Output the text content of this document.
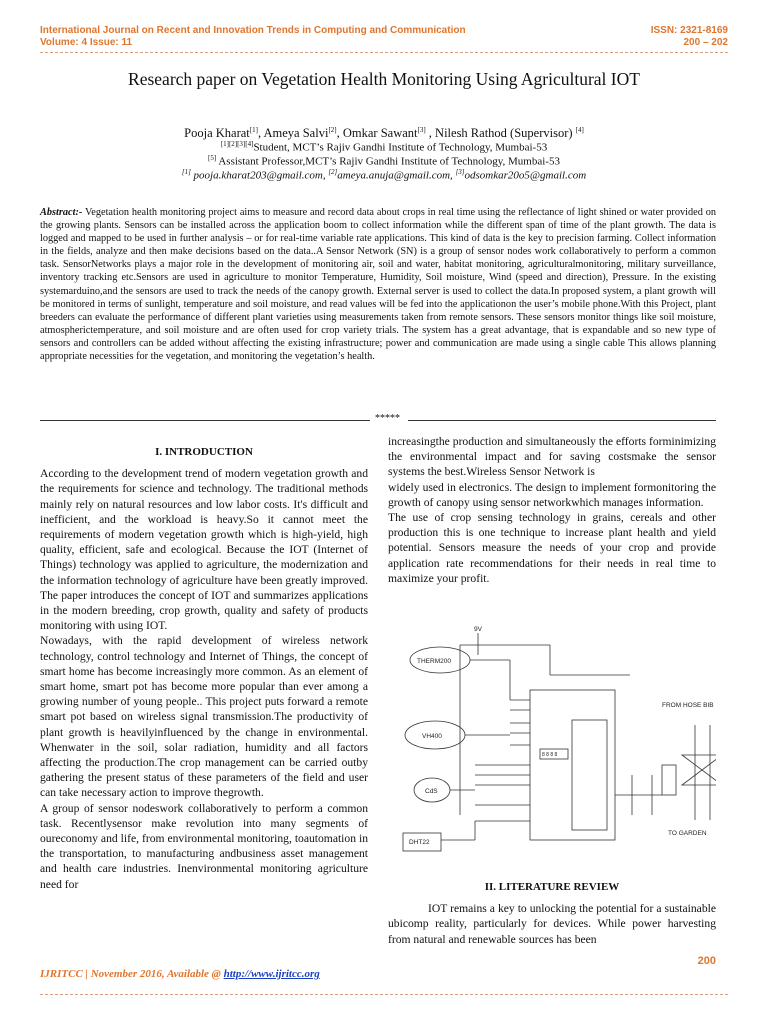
International Journal on Recent and Innovation Trends in Computing and Communication
Volume: 4 Issue: 11
ISSN: 2321-8169
200 – 202
Research paper on Vegetation Health Monitoring Using Agricultural IOT
Pooja Kharat[1], Ameya Salvi[2], Omkar Sawant[3] , Nilesh Rathod (Supervisor) [4]
[1][2][3][4]Student, MCT’s Rajiv Gandhi Institute of Technology, Mumbai-53
[5] Assistant Professor,MCT’s Rajiv Gandhi Institute of Technology, Mumbai-53
[1] pooja.kharat203@gmail.com, [2]ameya.anuja@gmail.com, [3]odsomkar20o5@gmail.com
Abstract:- Vegetation health monitoring project aims to measure and record data about crops in real time using the reflectance of light shined or water provided on the growing plants. Sensors can be installed across the application boom to collect information while the different span of time of the plant growth. The data is logged and mapped to be used in further analysis – or for real-time variable rate applications. This kind of data is the key to precision farming. Collect information in the fields, analyze and then make decisions based on the data..A Sensor Network (SN) is a group of sensor nodes work collaboratively to perform a common task. SensorNetworks plays a major role in the development of monitoring air, soil and water, habitat monitoring, agriculturalmonitoring, military surveillance, inventory tracking etc.Sensors are used in agriculture to monitor Temperature, Humidity, Soil moisture, Wind (speed and direction), Pressure. In the existing systemarduino,and the sensors are used to track the needs of the canopy growth. External server is used to collect the data.In proposed system, a plant growth will be monitored in terms of sunlight, temperature and soil moisture, and read values will be fed into the applicationon the user’s mobile phone.With this Project, plant breeders can evaluate the performance of different plant varieties using measurements taken from remote sensors. These sensors monitor things like soil moisture, atmospherictemperature, and soil moisture and are often used for crop variety trials. The system has a great advantage, that is expandable and so new type of sensors and controllers can be added without affecting the existing infrastructure; power and communication are made using a single cable This allows planning appropriate necessities for the vegetation, and monitoring the vegetation’s health.
*****

I. INTRODUCTION

According to the development trend of modern vegetation growth and the requirements for science and technology. The traditional methods mainly rely on natural resources and low labor costs. It's difficult and inefficient, and the workload is heavy.So it cannot meet the requirements of modern vegetation growth which is high-yield, high quality, efficient, safe and ecological. Because the IOT (Internet of Things) technology was applied to agriculture, the modernization and the information technology of agriculture have been greatly improved. The paper introduces the concept of IOT and summarizes applications in the modern breeding, crop growth, quality and safety of products monitoring with using IOT.

Nowadays, with the rapid development of wireless network technology, control technology and Internet of Things, the concept of smart home has become increasingly more common. As an element of smart home, smart pot has become more popular than ever among a growing number of young people.. This project puts forward a remote smart pot based on wireless signal transmission.The productivity of plant growth is heavilyinfluenced by the change in environmental. Whenwater in the soil, solar radiation, humidity and all factors affecting the production.The crop management can be carried outby gathering the present status of these parameters of the field and user can take necessary action to improve thegrowth.

A group of sensor nodeswork collaboratively to perform a common task. Recentlysensor make revolution into many segments of oureconomy and life, from environmental monitoring, toautomation in the transportation, to manufacturing andbusiness asset management and health care industries. Inenvironmental monitoring agriculture need for

increasingthe production and simultaneously the efforts forminimizing the environmental impact and for saving costsmake the sensor systems the best.Wireless Sensor Network is

widely used in electronics. The design to implement formonitoring the growth of canopy using sensor networkwhich manages information.

The use of crop sensing technology in grains, cereals and other production this is one technique to increase plant health and yield potential. Sensors measure the needs of your crop and provide application rate recommendations for their needs in real time to maximize your profit.

THERM200
VH400
CdS
DHT22
FROM HOSE BIB
TO GARDEN
9V
8 8 8 8

II. LITERATURE REVIEW

IOT remains a key to unlocking the potential for a sustainable ubicomp reality, particularly for devices. While power harvesting from natural and renewable sources has been

200
IJRITCC | November 2016, Available @ http://www.ijritcc.org
